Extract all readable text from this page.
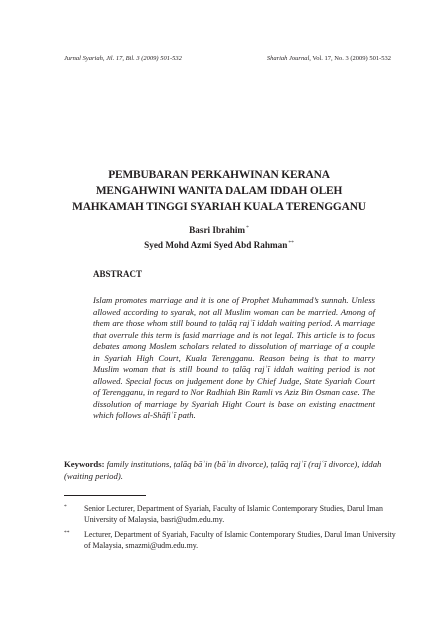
Jurnal Syariah, Jil. 17, Bil. 3 (2009) 501-532	Shariah Journal, Vol. 17, No. 3 (2009) 501-532
PEMBUBARAN PERKAHWINAN KERANA
MENGAHWINI WANITA DALAM IDDAH OLEH
MAHKAMAH TINGGI SYARIAH KUALA TERENGGANU
Basri Ibrahim*
Syed Mohd Azmi Syed Abd Rahman**
ABSTRACT
Islam promotes marriage and it is one of Prophet Muhammad’s sunnah. Unless allowed according to syarak, not all Muslim woman can be married. Among of them are those whom still bound to ṭalāq rajʿī iddah waiting period. A marriage that overrule this term is fasid marriage and is not legal. This article is to focus debates among Moslem scholars related to dissolution of marriage of a couple in Syariah High Court, Kuala Terengganu. Reason being is that to marry Muslim woman that is still bound to ṭalāq rajʿī iddah waiting period is not allowed. Special focus on judgement done by Chief Judge, State Syariah Court of Terengganu, in regard to Nor Radhiah Bin Ramli vs Aziz Bin Osman case. The dissolution of marriage by Syariah Hight Court is base on existing enactment which follows al-Shāfiʿī path.
Keywords: family institutions, ṭalāq bāʾin (bāʾin divorce), ṭalāq rajʿī (rajʿī divorce), iddah (waiting period).
* Senior Lecturer, Department of Syariah, Faculty of Islamic Contemporary Studies, Darul Iman University of Malaysia, basri@udm.edu.my.
** Lecturer, Department of Syariah, Faculty of Islamic Contemporary Studies, Darul Iman University of Malaysia, smazmi@udm.edu.my.
